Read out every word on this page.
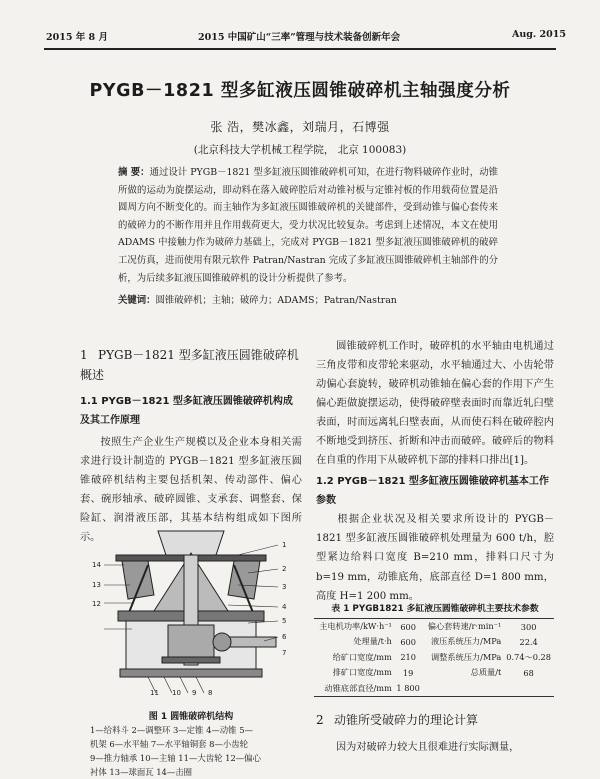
2015 年 8 月	2015 中国矿山“三率”管理与技术装备创新年会	Aug. 2015
PYGB－1821 型多缸液压圆锥破碎机主轴强度分析
张 浩，樊冰鑫，刘瑞月，石博强
(北京科技大学机械工程学院， 北京 100083)
摘 要：通过设计 PYGB－1821 型多缸液压圆锥破碎机可知，在进行物料破碎作业时，动锥所做的运动为旋摆运动，即动料在落入破碎腔后对动锥衬板与定锥衬板的作用载荷位置是沿圆周方向不断变化的。而主轴作为多缸液压圆锥破碎机的关键部件，受到动锥与偏心套传来的破碎力的不断作用并且作用载荷更大，受力状况比较复杂。考虑到上述情况，本文在使用 ADAMS 中接触力作为破碎力基础上，完成对 PYGB－1821 型多缸液压圆锥破碎机的破碎工况仿真，进而使用有限元软件 Patran/Nastran 完成了多缸液压圆锥破碎机主轴部件的分析，为后续多缸液压圆锥破碎机的设计分析提供了参考。
关键词：圆锥破碎机；主轴；破碎力；ADAMS；Patran/Nastran
1 PYGB－1821 型多缸液压圆锥破碎机概述
1.1 PYGB－1821 型多缸液压圆锥破碎机构成及其工作原理
按照生产企业生产规模以及企业本身相关需求进行设计制造的 PYGB－1821 型多缸液压圆锥破碎机结构主要包括机架、传动部件、偏心套、碗形轴承、破碎圆锥、支承套、调整套、保险缸、润滑液压部，其基本结构组成如下图所示。
14
13
12
1
2
3
4
5
6
7
8
9
10
11
图 1 圆锥破碎机结构
1—给料斗 2—调整环 3—定锥 4—动锥 5—
机架 6—水平轴 7—水平轴铜套 8—小齿轮
9—推力轴承 10—主轴 11—大齿轮 12—偏心
衬体 13—球面瓦 14—击圈
圆锥破碎机工作时，破碎机的水平轴由电机通过三角皮带和皮带轮来驱动，水平轴通过大、小齿轮带动偏心套旋转，破碎机动锥轴在偏心套的作用下产生偏心距做旋摆运动，使得破碎壁表面时而靠近轧臼壁表面，时而远离轧臼壁表面，从而使石料在破碎腔内不断地受到挤压、折断和冲击而破碎。破碎后的物料在自重的作用下从破碎机下部的排料口排出[1]。
1.2 PYGB－1821 型多缸液压圆锥破碎机基本工作参数
根据企业状况及相关要求所设计的 PYGB－1821 型多缸液压圆锥破碎机处理量为 600 t/h，腔型紧边给料口宽度 B=210 mm，排料口尺寸为 b=19 mm，动锥底角，底部直径 D=1 800 mm，高度 H=1 200 mm。
表 1 PYGB1821 多缸液压圆锥破碎机主要技术参数
主电机功率/kW·h⁻¹	600	偏心套转速/r·min⁻¹	300
处理量/t·h	600	液压系统压力/MPa	22.4
给矿口宽度/mm	210	调整系统压力/MPa	0.74～0.28
排矿口宽度/mm	19	总质量/t	68
动锥底部直径/mm	1 800		
2 动锥所受破碎力的理论计算
因为对破碎力较大且很难进行实际测量，
